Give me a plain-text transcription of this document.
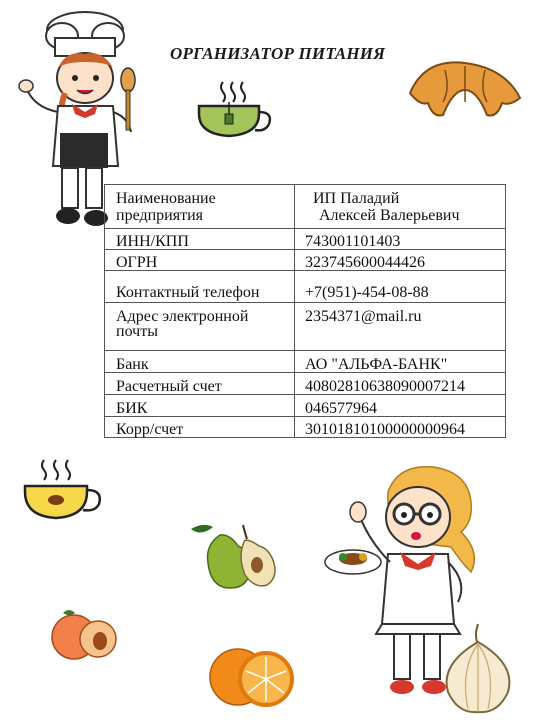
ОРГАНИЗАТОР ПИТАНИЯ
Наименование предприятия	ИП Паладий
Алексей Валерьевич

ИНН/КПП	743001101403
ОГРН	323745600044426
Контактный телефон	+7(951)-454-08-88
Адрес электронной почты	2354371@mail.ru
Банк	АО "АЛЬФА-БАНК"
Расчетный счет	40802810638090007214
БИК	046577964
Корр/счет	30101810100000000964
